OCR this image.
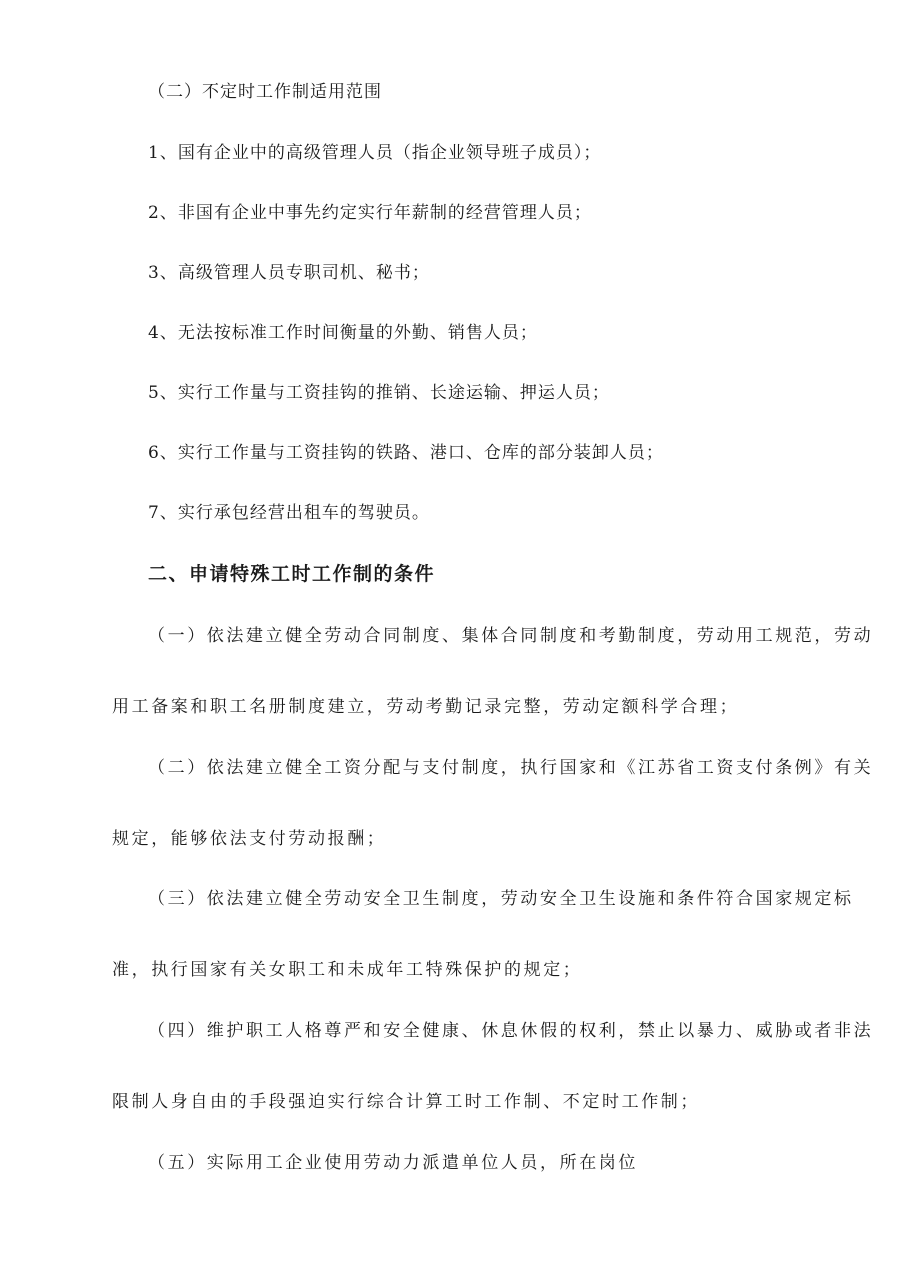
（二）不定时工作制适用范围
1、国有企业中的高级管理人员（指企业领导班子成员）；
2、非国有企业中事先约定实行年薪制的经营管理人员；
3、高级管理人员专职司机、秘书；
4、无法按标准工作时间衡量的外勤、销售人员；
5、实行工作量与工资挂钩的推销、长途运输、押运人员；
6、实行工作量与工资挂钩的铁路、港口、仓库的部分装卸人员；
7、实行承包经营出租车的驾驶员。
二、申请特殊工时工作制的条件
（一）依法建立健全劳动合同制度、集体合同制度和考勤制度，劳动用工规范，劳动
用工备案和职工名册制度建立，劳动考勤记录完整，劳动定额科学合理；
（二）依法建立健全工资分配与支付制度，执行国家和《江苏省工资支付条例》有关
规定，能够依法支付劳动报酬；
（三）依法建立健全劳动安全卫生制度，劳动安全卫生设施和条件符合国家规定标
准，执行国家有关女职工和未成年工特殊保护的规定；
（四）维护职工人格尊严和安全健康、休息休假的权利，禁止以暴力、威胁或者非法
限制人身自由的手段强迫实行综合计算工时工作制、不定时工作制；
（五）实际用工企业使用劳动力派遣单位人员，所在岗位
